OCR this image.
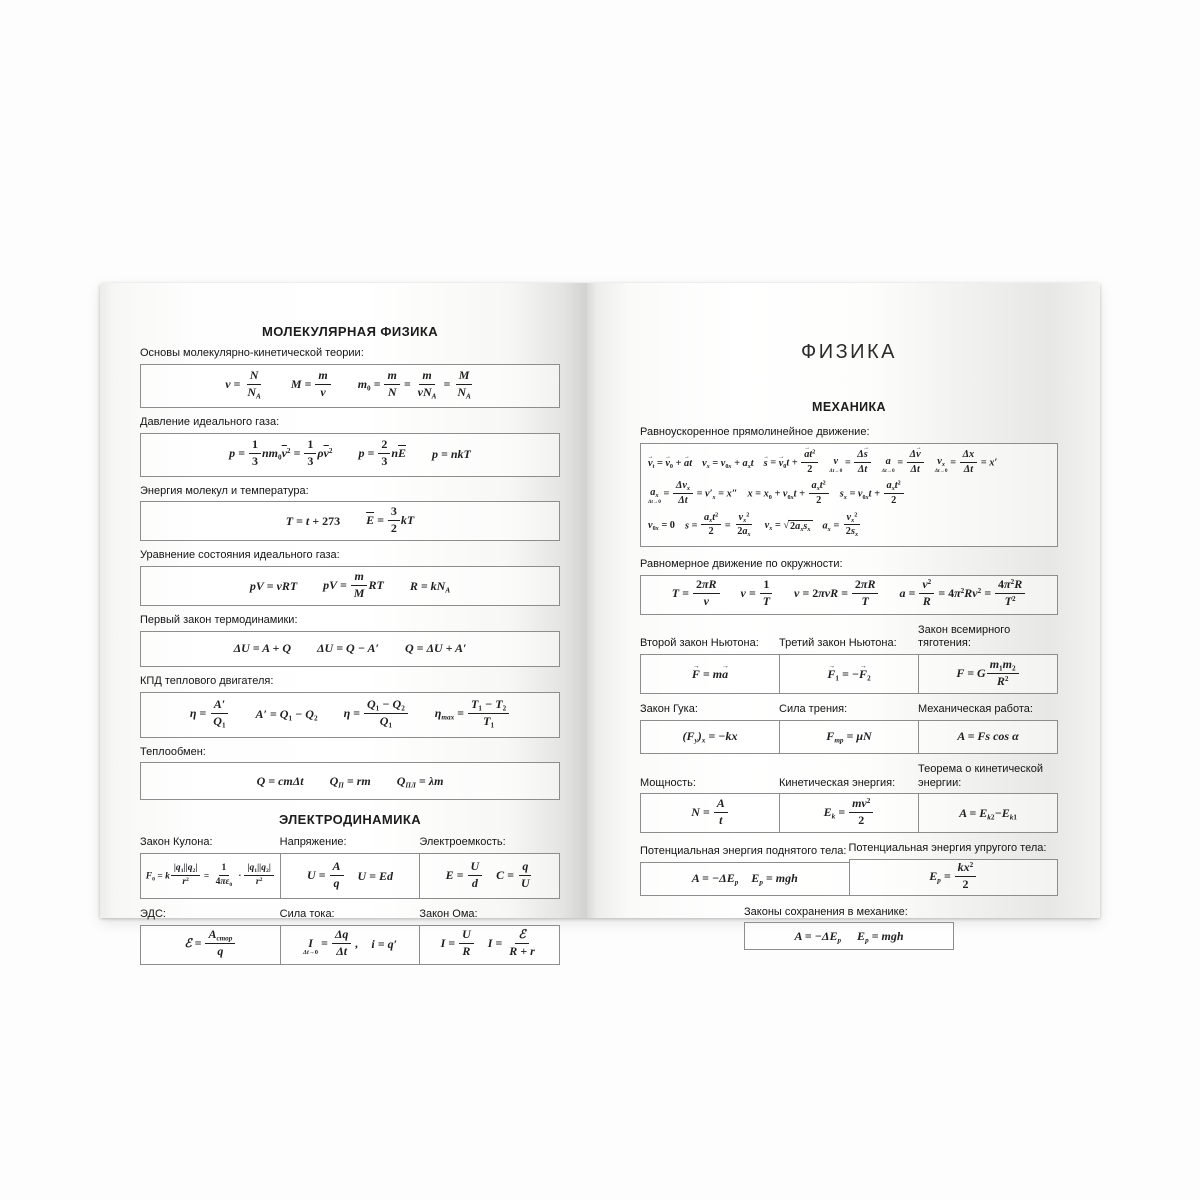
МОЛЕКУЛЯРНАЯ ФИЗИКА
Основы молекулярно-кинетической теории:
$\nu = \frac{N}{N_A}$ $M = \frac{m}{\nu} m_0 = \frac{m}{N}$ =
m
$\nu N_A$
= $\frac{M}{N_A}$
Давление идеального газа:
$p = \frac{1}{3} nm_0\overline{v}^2 = \frac{1}{3} \rho\overline{v}^2$ $p = \frac{2}{3} n\overline{E}$ p = nkT
Энергия молекул и температура:
T = t + 273 $\overline{E} = \frac{3}{2}$ kT
Уравнение состояния идеального газа:
pV = νRT pV = $\frac{m}{M}$ RT $R = kN_A$
Первый закон термодинамики:
ΔU = A + Q ΔU = Q − A′ Q = ΔU + A′
КПД теплового двигателя:
$\eta = \frac{A'}{Q_1} A' = Q_1 - Q_2$ $\eta = \frac{Q_1 - Q_2}{Q_1} \eta_{max} = \frac{T_1 - T_2}{T_1}$
Теплообмен:
Q = cmΔt $Q_П$ = rm $Q_{ПЛ} = \lambda m$
ЭЛЕКТРОДИНАМИКА
Закон Кулона:
$F_0 = k \frac{|q_1||q_2|}{r^2} = \frac{1}{4\pi\varepsilon_0} \cdot \frac{|q_1||q_2|}{r^2}$
Напряжение:
$U = \frac{A}{q}$ U = Ed
Электроемкость:
$E = \frac{U}{d}$ $C = \frac{q}{U}$
ЭДС:
ℰ =
$A_{стор}$
q
Сила тока:
I
Δt→0
= $\frac{\Delta q}{\Delta t}$ , i = q′
Закон Ома:
$I = \frac{U}{R}$ I =
ℰ
R + r
ФИЗИКА
МЕХАНИКА
Равноускоренное прямолинейное движение:
$v \to_t = v \to_0 + a \to t$ $v_x = v_{0x} + a_xt$ s → = $v \to_0t + \frac{a \to t^2}{2}$ v
Δt→0
= $\frac{\Delta s \to}{\Delta t}$ a
Δt→0
= $\frac{\Delta v \to}{\Delta t} v_x$
Δt→0
= $\frac{\Delta x}{\Delta t} = x'$
$a_x$
Δt→0
=
$\Delta v_x$
Δt
= $v'_x = x''$ $x = x_0 + v_{0x}t$ +
$a_xt^2$
2
$s_x = v_{0x}t$ +
$a_xt^2$
2
$v_{0x} = 0$ s =
$a_xt^2$
2
= $\frac{v_x^2}{2a_x} v_x$ = √ $2a_xs_x$ $a_x = \frac{v_x^2}{2s_x}$
Равномерное движение по окружности:
$T = \frac{2\pi R}{v}$ $\nu = \frac{1}{T}$ $v = 2\pi\nu R = \frac{2\pi R}{T}$ $a = \frac{v^2}{R} = 4\pi^2R\nu^2 = \frac{4\pi^2R}{T^2}$
Второй закон Ньютона:
F → = ma →
Третий закон Ньютона:
$F \to_1 = -F \to_2$
Закон всемирного тяготения:
F = G $\frac{m_1m_2}{R^2}$
Закон Гука:
$(F_y)_x = -kx$
Сила трения:
$F_{тр} = \mu N$
Механическая работа:
A = Fs cos α
Мощность:
$N = \frac{A}{t}$
Кинетическая энергия:
$E_k = \frac{mv^2}{2}$
Теорема о кинетической энергии:
$A = E_{k2}-E_{k1}$
Потенциальная энергия поднятого тела:
$A = -\Delta E_p$ $E_p$ = mgh
Потенциальная энергия упругого тела:
$E_p = \frac{kx^2}{2}$
Законы сохранения в механике:
$A = -\Delta E_p$ $E_p$ = mgh
